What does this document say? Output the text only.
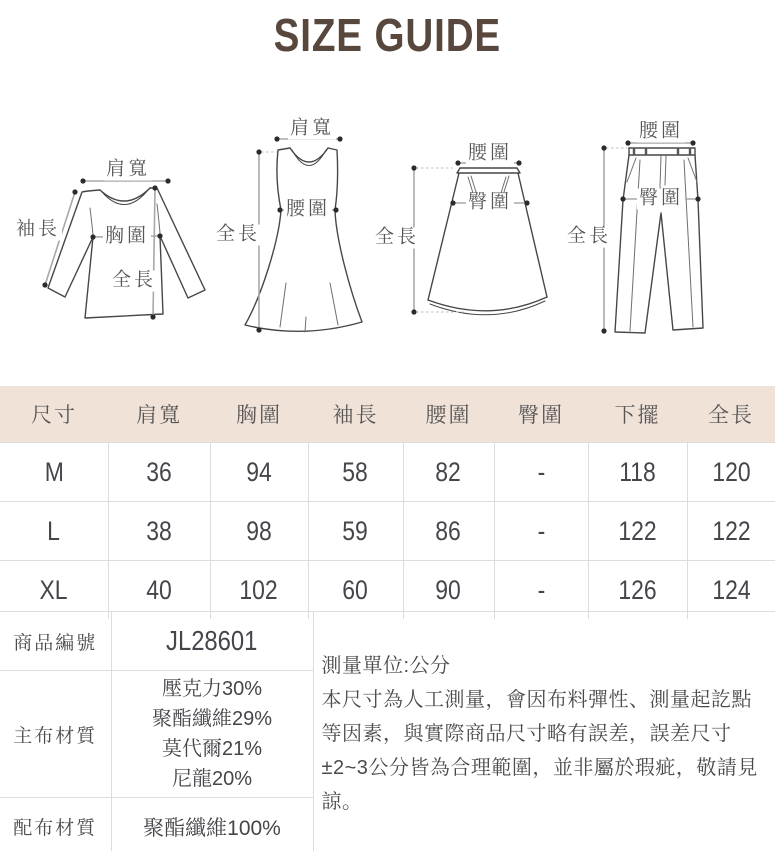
SIZE GUIDE
肩寬
袖長 胸圍
全長
肩寬
腰圍
全長
腰圍
臀圍
全長
腰圍
臀圍
全長
尺寸	肩寬	胸圍	袖長	腰圍	臀圍	下擺	全長
M	36	94	58	82	-	118	120
L	38	98	59	86	-	122	122
XL	40	102	60	90	-	126	124
商品編號	JL28601	測量單位:公分
本尺寸為人工測量，會因布料彈性、測量起訖點等因素，與實際商品尺寸略有誤差，誤差尺寸±2~3公分皆為合理範圍，並非屬於瑕疵，敬請見諒。

主布材質	壓克力30%
聚酯纖維29%
莫代爾21%
尼龍20%	

配布材質	聚酯纖維100%	
